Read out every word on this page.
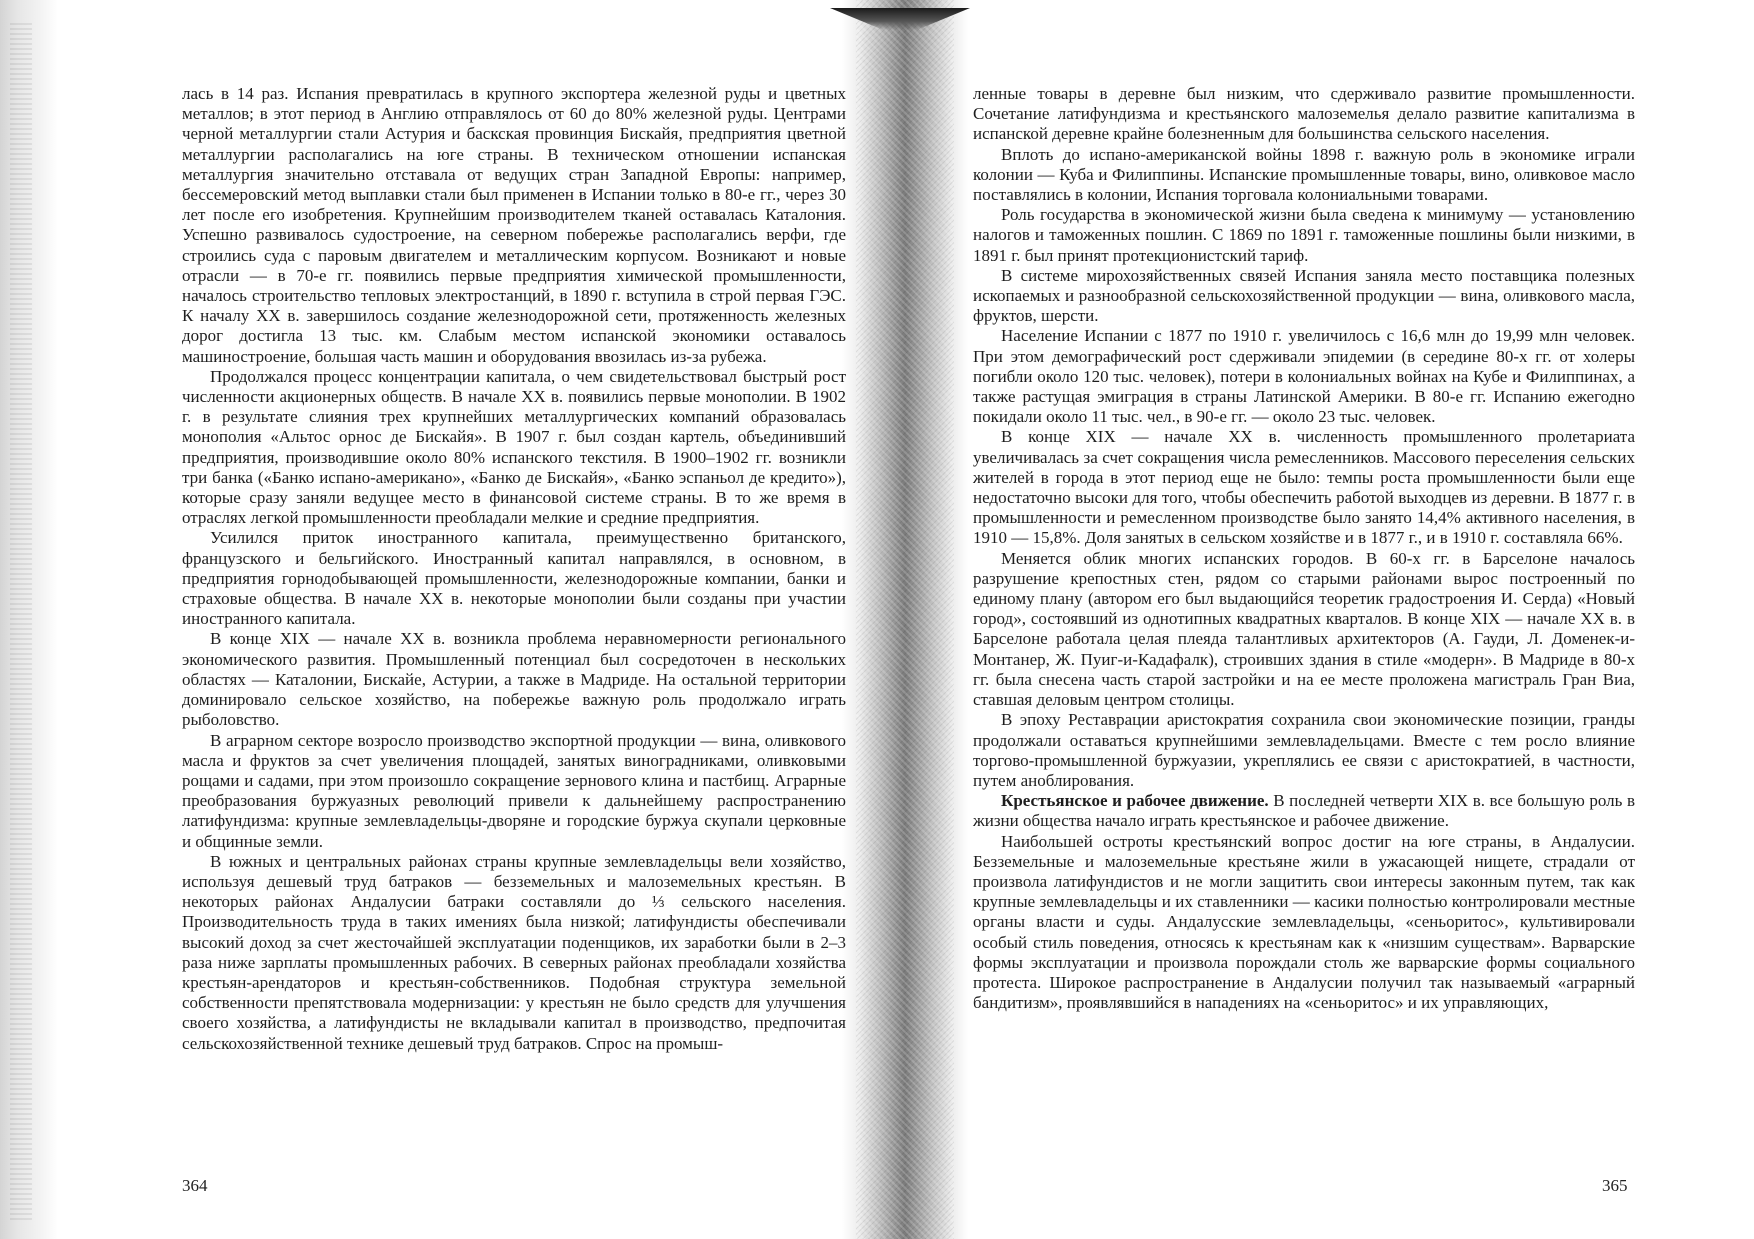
лась в 14 раз. Испания превратилась в крупного экспортера железной руды и цветных металлов; в этот период в Англию отправлялось от 60 до 80% железной руды. Центрами черной металлургии стали Астурия и баскская провинция Бискайя, предприятия цветной металлургии располагались на юге страны. В техническом отношении испанская металлургия значительно отставала от ведущих стран Западной Европы: например, бессемеровский метод выплавки стали был применен в Испании только в 80-е гг., через 30 лет после его изобретения. Крупнейшим производителем тканей оставалась Каталония. Успешно развивалось судостроение, на северном побережье располагались верфи, где строились суда с паровым двигателем и металлическим корпусом. Возникают и новые отрасли — в 70-е гг. появились первые предприятия химической промышленности, началось строительство тепловых электростанций, в 1890 г. вступила в строй первая ГЭС. К началу XX в. завершилось создание железнодорожной сети, протяженность железных дорог достигла 13 тыс. км. Слабым местом испанской экономики оставалось машиностроение, большая часть машин и оборудования ввозилась из-за рубежа.

Продолжался процесс концентрации капитала, о чем свидетельствовал быстрый рост численности акционерных обществ. В начале XX в. появились первые монополии. В 1902 г. в результате слияния трех крупнейших металлургических компаний образовалась монополия «Альтос орнос де Бискайя». В 1907 г. был создан картель, объединивший предприятия, производившие около 80% испанского текстиля. В 1900–1902 гг. возникли три банка («Банко испано-американо», «Банко де Бискайя», «Банко эспаньол де кредито»), которые сразу заняли ведущее место в финансовой системе страны. В то же время в отраслях легкой промышленности преобладали мелкие и средние предприятия.

Усилился приток иностранного капитала, преимущественно британского, французского и бельгийского. Иностранный капитал направлялся, в основном, в предприятия горнодобывающей промышленности, железнодорожные компании, банки и страховые общества. В начале XX в. некоторые монополии были созданы при участии иностранного капитала.

В конце XIX — начале XX в. возникла проблема неравномерности регионального экономического развития. Промышленный потенциал был сосредоточен в нескольких областях — Каталонии, Бискайе, Астурии, а также в Мадриде. На остальной территории доминировало сельское хозяйство, на побережье важную роль продолжало играть рыболовство.

В аграрном секторе возросло производство экспортной продукции — вина, оливкового масла и фруктов за счет увеличения площадей, занятых виноградниками, оливковыми рощами и садами, при этом произошло сокращение зернового клина и пастбищ. Аграрные преобразования буржуазных революций привели к дальнейшему распространению латифундизма: крупные землевладельцы-дворяне и городские буржуа скупали церковные и общинные земли.

В южных и центральных районах страны крупные землевладельцы вели хозяйство, используя дешевый труд батраков — безземельных и малоземельных крестьян. В некоторых районах Андалусии батраки составляли до ⅓ сельского населения. Производительность труда в таких имениях была низкой; латифундисты обеспечивали высокий доход за счет жесточайшей эксплуатации поденщиков, их заработки были в 2–3 раза ниже зарплаты промышленных рабочих. В северных районах преобладали хозяйства крестьян-арендаторов и крестьян-собственников. Подобная структура земельной собственности препятствовала модернизации: у крестьян не было средств для улучшения своего хозяйства, а латифундисты не вкладывали капитал в производство, предпочитая сельскохозяйственной технике дешевый труд батраков. Спрос на промыш-

364

ленные товары в деревне был низким, что сдерживало развитие промышленности. Сочетание латифундизма и крестьянского малоземелья делало развитие капитализма в испанской деревне крайне болезненным для большинства сельского населения.

Вплоть до испано-американской войны 1898 г. важную роль в экономике играли колонии — Куба и Филиппины. Испанские промышленные товары, вино, оливковое масло поставлялись в колонии, Испания торговала колониальными товарами.

Роль государства в экономической жизни была сведена к минимуму — установлению налогов и таможенных пошлин. С 1869 по 1891 г. таможенные пошлины были низкими, в 1891 г. был принят протекционистский тариф.

В системе мирохозяйственных связей Испания заняла место поставщика полезных ископаемых и разнообразной сельскохозяйственной продукции — вина, оливкового масла, фруктов, шерсти.

Население Испании с 1877 по 1910 г. увеличилось с 16,6 млн до 19,99 млн человек. При этом демографический рост сдерживали эпидемии (в середине 80-х гг. от холеры погибли около 120 тыс. человек), потери в колониальных войнах на Кубе и Филиппинах, а также растущая эмиграция в страны Латинской Америки. В 80-е гг. Испанию ежегодно покидали около 11 тыс. чел., в 90-е гг. — около 23 тыс. человек.

В конце XIX — начале XX в. численность промышленного пролетариата увеличивалась за счет сокращения числа ремесленников. Массового переселения сельских жителей в города в этот период еще не было: темпы роста промышленности были еще недостаточно высоки для того, чтобы обеспечить работой выходцев из деревни. В 1877 г. в промышленности и ремесленном производстве было занято 14,4% активного населения, в 1910 — 15,8%. Доля занятых в сельском хозяйстве и в 1877 г., и в 1910 г. составляла 66%.

Меняется облик многих испанских городов. В 60-х гг. в Барселоне началось разрушение крепостных стен, рядом со старыми районами вырос построенный по единому плану (автором его был выдающийся теоретик градостроения И. Серда) «Новый город», состоявший из однотипных квадратных кварталов. В конце XIX — начале XX в. в Барселоне работала целая плеяда талантливых архитекторов (А. Гауди, Л. Доменек-и-Монтанер, Ж. Пуиг-и-Кадафалк), строивших здания в стиле «модерн». В Мадриде в 80-х гг. была снесена часть старой застройки и на ее месте проложена магистраль Гран Виа, ставшая деловым центром столицы.

В эпоху Реставрации аристократия сохранила свои экономические позиции, гранды продолжали оставаться крупнейшими землевладельцами. Вместе с тем росло влияние торгово-промышленной буржуазии, укреплялись ее связи с аристократией, в частности, путем аноблирования.

Крестьянское и рабочее движение. В последней четверти XIX в. все большую роль в жизни общества начало играть крестьянское и рабочее движение.

Наибольшей остроты крестьянский вопрос достиг на юге страны, в Андалусии. Безземельные и малоземельные крестьяне жили в ужасающей нищете, страдали от произвола латифундистов и не могли защитить свои интересы законным путем, так как крупные землевладельцы и их ставленники — касики полностью контролировали местные органы власти и суды. Андалусские землевладельцы, «сеньоритос», культивировали особый стиль поведения, относясь к крестьянам как к «низшим существам». Варварские формы эксплуатации и произвола порождали столь же варварские формы социального протеста. Широкое распространение в Андалусии получил так называемый «аграрный бандитизм», проявлявшийся в нападениях на «сеньоритос» и их управляющих,

365
